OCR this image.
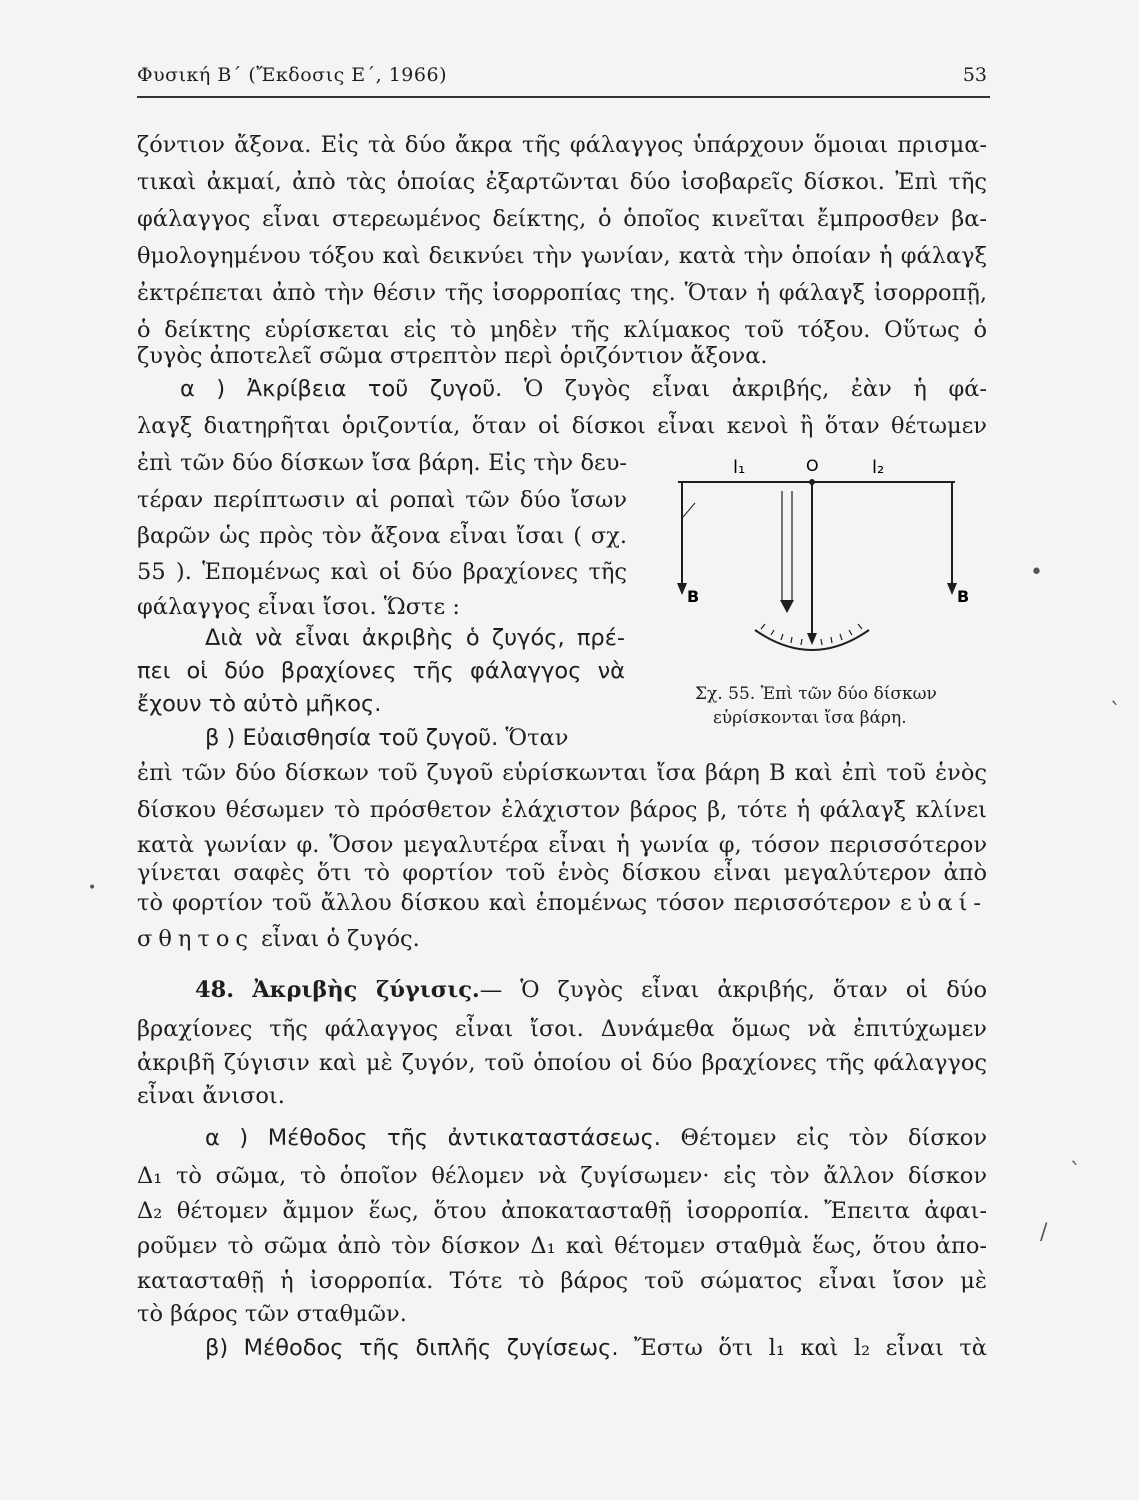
Φυσική Β΄ (Ἔκδοσις Ε΄, 1966)	53
ζόντιον ἄξονα. Εἰς τὰ δύο ἄκρα τῆς φάλαγγος ὑπάρχουν ὅμοιαι πρισμα-
τικαὶ ἀκμαί, ἀπὸ τὰς ὁποίας ἐξαρτῶνται δύο ἰσοβαρεῖς δίσκοι. Ἐπὶ τῆς
φάλαγγος εἶναι στερεωμένος δείκτης, ὁ ὁποῖος κινεῖται ἔμπροσθεν βα-
θμολογημένου τόξου καὶ δεικνύει τὴν γωνίαν, κατὰ τὴν ὁποίαν ἡ φάλαγξ
ἐκτρέπεται ἀπὸ τὴν θέσιν τῆς ἰσορροπίας της. Ὅταν ἡ φάλαγξ ἰσορροπῇ,
ὁ δείκτης εὑρίσκεται εἰς τὸ μηδὲν τῆς κλίμακος τοῦ τόξου. Οὕτως ὁ
ζυγὸς ἀποτελεῖ σῶμα στρεπτὸν περὶ ὁριζόντιον ἄξονα.
α ) Ἀκρίβεια τοῦ ζυγοῦ. Ὁ ζυγὸς εἶναι ἀκριβής, ἐὰν ἡ φά-
λαγξ διατηρῆται ὁριζοντία, ὅταν οἱ δίσκοι εἶναι κενοὶ ἢ ὅταν θέτωμεν
ἐπὶ τῶν δύο δίσκων ἴσα βάρη. Εἰς τὴν δευ-
τέραν περίπτωσιν αἱ ροπαὶ τῶν δύο ἴσων
βαρῶν ὡς πρὸς τὸν ἄξονα εἶναι ἴσαι ( σχ.
55 ). Ἑπομένως καὶ οἱ δύο βραχίονες τῆς
φάλαγγος εἶναι ἴσοι. Ὥστε :
Διὰ νὰ εἶναι ἀκριβὴς ὁ ζυγός, πρέ-
πει οἱ δύο βραχίονες τῆς φάλαγγος νὰ
ἔχουν τὸ αὐτὸ μῆκος.
l₁	O	l₂
B	B
Σχ. 55. Ἐπὶ τῶν δύο δίσκων
εὑρίσκονται ἴσα βάρη.
β ) Εὐαισθησία τοῦ ζυγοῦ. Ὅταν
ἐπὶ τῶν δύο δίσκων τοῦ ζυγοῦ εὑρίσκωνται ἴσα βάρη Β καὶ ἐπὶ τοῦ ἑνὸς
δίσκου θέσωμεν τὸ πρόσθετον ἐλάχιστον βάρος β, τότε ἡ φάλαγξ κλίνει
κατὰ γωνίαν φ. Ὅσον μεγαλυτέρα εἶναι ἡ γωνία φ, τόσον περισσότερον
γίνεται σαφὲς ὅτι τὸ φορτίον τοῦ ἑνὸς δίσκου εἶναι μεγαλύτερον ἀπὸ
τὸ φορτίον τοῦ ἄλλου δίσκου καὶ ἑπομένως τόσον περισσότερον εὐαί-
σθητος εἶναι ὁ ζυγός.
48. Ἀκριβὴς ζύγισις.— Ὁ ζυγὸς εἶναι ἀκριβής, ὅταν οἱ δύο
βραχίονες τῆς φάλαγγος εἶναι ἴσοι. Δυνάμεθα ὅμως νὰ ἐπιτύχωμεν
ἀκριβῆ ζύγισιν καὶ μὲ ζυγόν, τοῦ ὁποίου οἱ δύο βραχίονες τῆς φάλαγγος
εἶναι ἄνισοι.
α ) Μέθοδος τῆς ἀντικαταστάσεως. Θέτομεν εἰς τὸν δίσκον
Δ₁ τὸ σῶμα, τὸ ὁποῖον θέλομεν νὰ ζυγίσωμεν· εἰς τὸν ἄλλον δίσκον
Δ₂ θέτομεν ἄμμον ἕως, ὅτου ἀποκατασταθῇ ἰσορροπία. Ἔπειτα ἀφαι-
ροῦμεν τὸ σῶμα ἀπὸ τὸν δίσκον Δ₁ καὶ θέτομεν σταθμὰ ἕως, ὅτου ἀπο-
κατασταθῇ ἡ ἰσορροπία. Τότε τὸ βάρος τοῦ σώματος εἶναι ἴσον μὲ
τὸ βάρος τῶν σταθμῶν.
β) Μέθοδος τῆς διπλῆς ζυγίσεως. Ἔστω ὅτι l₁ καὶ l₂ εἶναι τὰ
•
`
ˋ
/
•
